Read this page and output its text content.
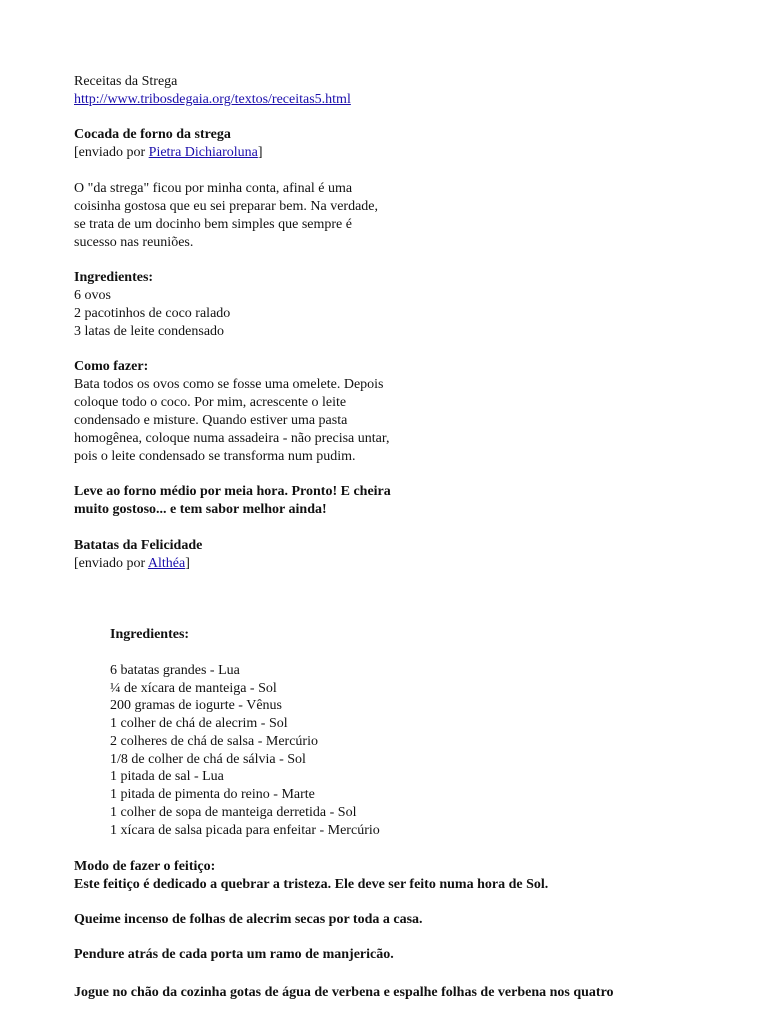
Receitas da Strega
http://www.tribosdegaia.org/textos/receitas5.html
Cocada de forno da strega
[enviado por Pietra Dichiaroluna]
O "da strega" ficou por minha conta, afinal é uma
coisinha gostosa que eu sei preparar bem. Na verdade,
se trata de um docinho bem simples que sempre é
sucesso nas reuniões.
Ingredientes:
6 ovos
2 pacotinhos de coco ralado
3 latas de leite condensado
Como fazer:
Bata todos os ovos como se fosse uma omelete. Depois
coloque todo o coco. Por mim, acrescente o leite
condensado e misture. Quando estiver uma pasta
homogênea, coloque numa assadeira - não precisa untar,
pois o leite condensado se transforma num pudim.
Leve ao forno médio por meia hora. Pronto! E cheira
muito gostoso... e tem sabor melhor ainda!
Batatas da Felicidade
[enviado por Althéa]
Ingredientes:
6 batatas grandes - Lua
¼ de xícara de manteiga - Sol
200 gramas de iogurte - Vênus
1 colher de chá de alecrim - Sol
2 colheres de chá de salsa - Mercúrio
1/8 de colher de chá de sálvia - Sol
1 pitada de sal - Lua
1 pitada de pimenta do reino - Marte
1 colher de sopa de manteiga derretida - Sol
1 xícara de salsa picada para enfeitar - Mercúrio
Modo de fazer o feitiço:
Este feitiço é dedicado a quebrar a tristeza. Ele deve ser feito numa hora de Sol.
Queime incenso de folhas de alecrim secas por toda a casa.
Pendure atrás de cada porta um ramo de manjericão.
Jogue no chão da cozinha gotas de água de verbena e espalhe folhas de verbena nos quatro
